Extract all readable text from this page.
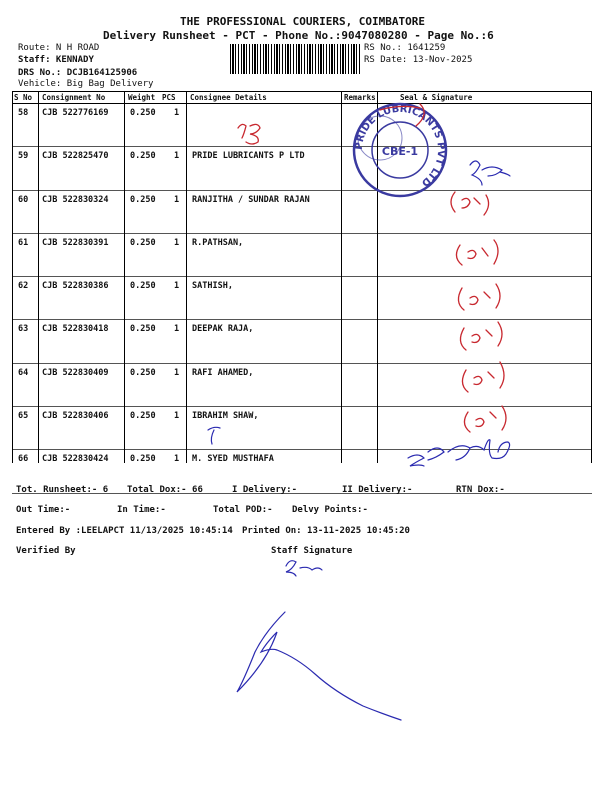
THE PROFESSIONAL COURIERS, COIMBATORE
Delivery Runsheet - PCT - Phone No.:9047080280 - Page No.:6
Route: N H ROAD
Staff: KENNADY
DRS No.: DCJB164125906
Vehicle: Big Bag Delivery
RS No.: 1641259
RS Date: 13-Nov-2025
S No Consignment No	Weight PCS Consignee Details	Remarks	Seal & Signature
58 CJB 522776169	0.250 1
59 CJB 522825470	0.250 1 PRIDE LUBRICANTS P LTD
60 CJB 522830324	0.250 1 RANJITHA / SUNDAR RAJAN
61 CJB 522830391	0.250 1 R.PATHSAN,
62 CJB 522830386	0.250 1 SATHISH,
63 CJB 522830418	0.250 1 DEEPAK RAJA,
64 CJB 522830409	0.250 1 RAFI AHAMED,
65 CJB 522830406	0.250 1 IBRAHIM SHAW,
66 CJB 522830424	0.250 1 M. SYED MUSTHAFA
PRIDE LUBRICANTS PVT LTD
CBE-1
Tot. Runsheet:- 6 Total Dox:- 66	I Delivery:-	II Delivery:-	RTN Dox:-
Out Time:-	In Time:-	Total POD:- Delvy Points:-
Entered By :LEELAPCT 11/13/2025 10:45:14 Printed On: 13-11-2025 10:45:20
Verified By	Staff Signature
